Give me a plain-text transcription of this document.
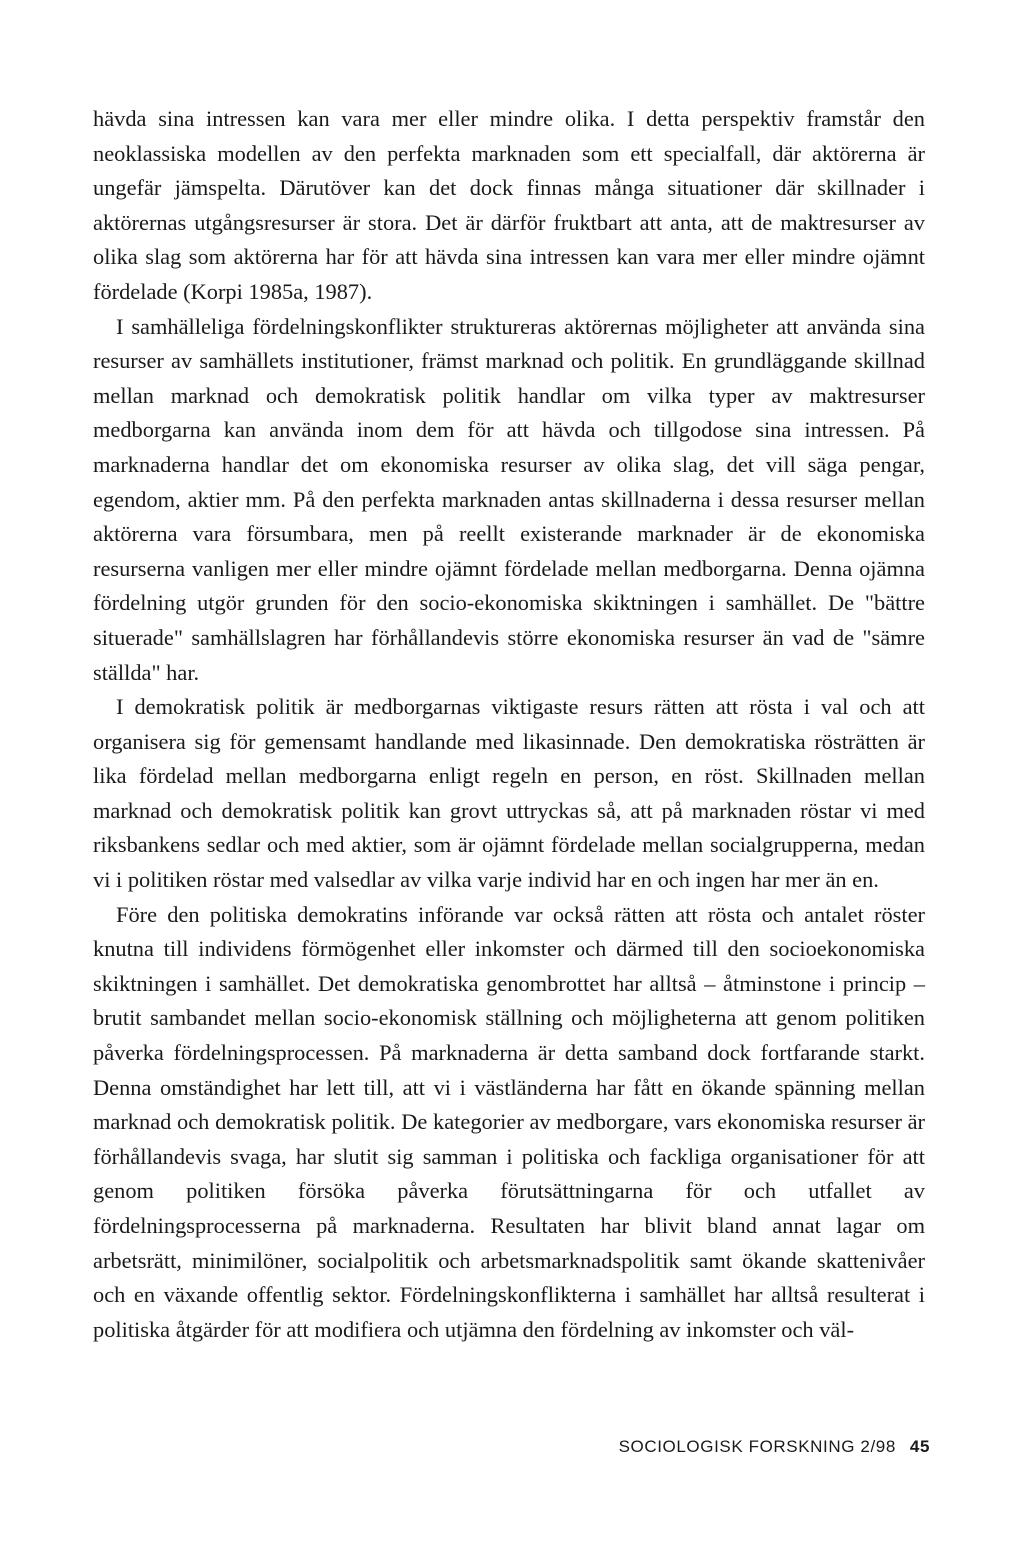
hävda sina intressen kan vara mer eller mindre olika. I detta perspektiv framstår den neoklassiska modellen av den perfekta marknaden som ett specialfall, där aktörerna är ungefär jämspelta. Därutöver kan det dock finnas många situationer där skillnader i aktörernas utgångsresurser är stora. Det är därför fruktbart att anta, att de maktresurser av olika slag som aktörerna har för att hävda sina intressen kan vara mer eller mindre ojämnt fördelade (Korpi 1985a, 1987).

I samhälleliga fördelningskonflikter struktureras aktörernas möjligheter att använda sina resurser av samhällets institutioner, främst marknad och politik. En grundläggande skillnad mellan marknad och demokratisk politik handlar om vilka typer av maktresurser medborgarna kan använda inom dem för att hävda och tillgodose sina intressen. På marknaderna handlar det om ekonomiska resurser av olika slag, det vill säga pengar, egendom, aktier mm. På den perfekta marknaden antas skillnaderna i dessa resurser mellan aktörerna vara försumbara, men på reellt existerande marknader är de ekonomiska resurserna vanligen mer eller mindre ojämnt fördelade mellan medborgarna. Denna ojämna fördelning utgör grunden för den socio-ekonomiska skiktningen i samhället. De "bättre situerade" samhällslagren har förhållandevis större ekonomiska resurser än vad de "sämre ställda" har.

I demokratisk politik är medborgarnas viktigaste resurs rätten att rösta i val och att organisera sig för gemensamt handlande med likasinnade. Den demokratiska rösträtten är lika fördelad mellan medborgarna enligt regeln en person, en röst. Skillnaden mellan marknad och demokratisk politik kan grovt uttryckas så, att på marknaden röstar vi med riksbankens sedlar och med aktier, som är ojämnt fördelade mellan socialgrupperna, medan vi i politiken röstar med valsedlar av vilka varje individ har en och ingen har mer än en.

Före den politiska demokratins införande var också rätten att rösta och antalet röster knutna till individens förmögenhet eller inkomster och därmed till den socioekonomiska skiktningen i samhället. Det demokratiska genombrottet har alltså – åtminstone i princip – brutit sambandet mellan socio-ekonomisk ställning och möjligheterna att genom politiken påverka fördelningsprocessen. På marknaderna är detta samband dock fortfarande starkt. Denna omständighet har lett till, att vi i västländerna har fått en ökande spänning mellan marknad och demokratisk politik. De kategorier av medborgare, vars ekonomiska resurser är förhållandevis svaga, har slutit sig samman i politiska och fackliga organisationer för att genom politiken försöka påverka förutsättningarna för och utfallet av fördelningsprocesserna på marknaderna. Resultaten har blivit bland annat lagar om arbetsrätt, minimilöner, socialpolitik och arbetsmarknadspolitik samt ökande skattenivåer och en växande offentlig sektor. Fördelningskonflikterna i samhället har alltså resulterat i politiska åtgärder för att modifiera och utjämna den fördelning av inkomster och väl-

SOCIOLOGISK FORSKNING 2/98 45
